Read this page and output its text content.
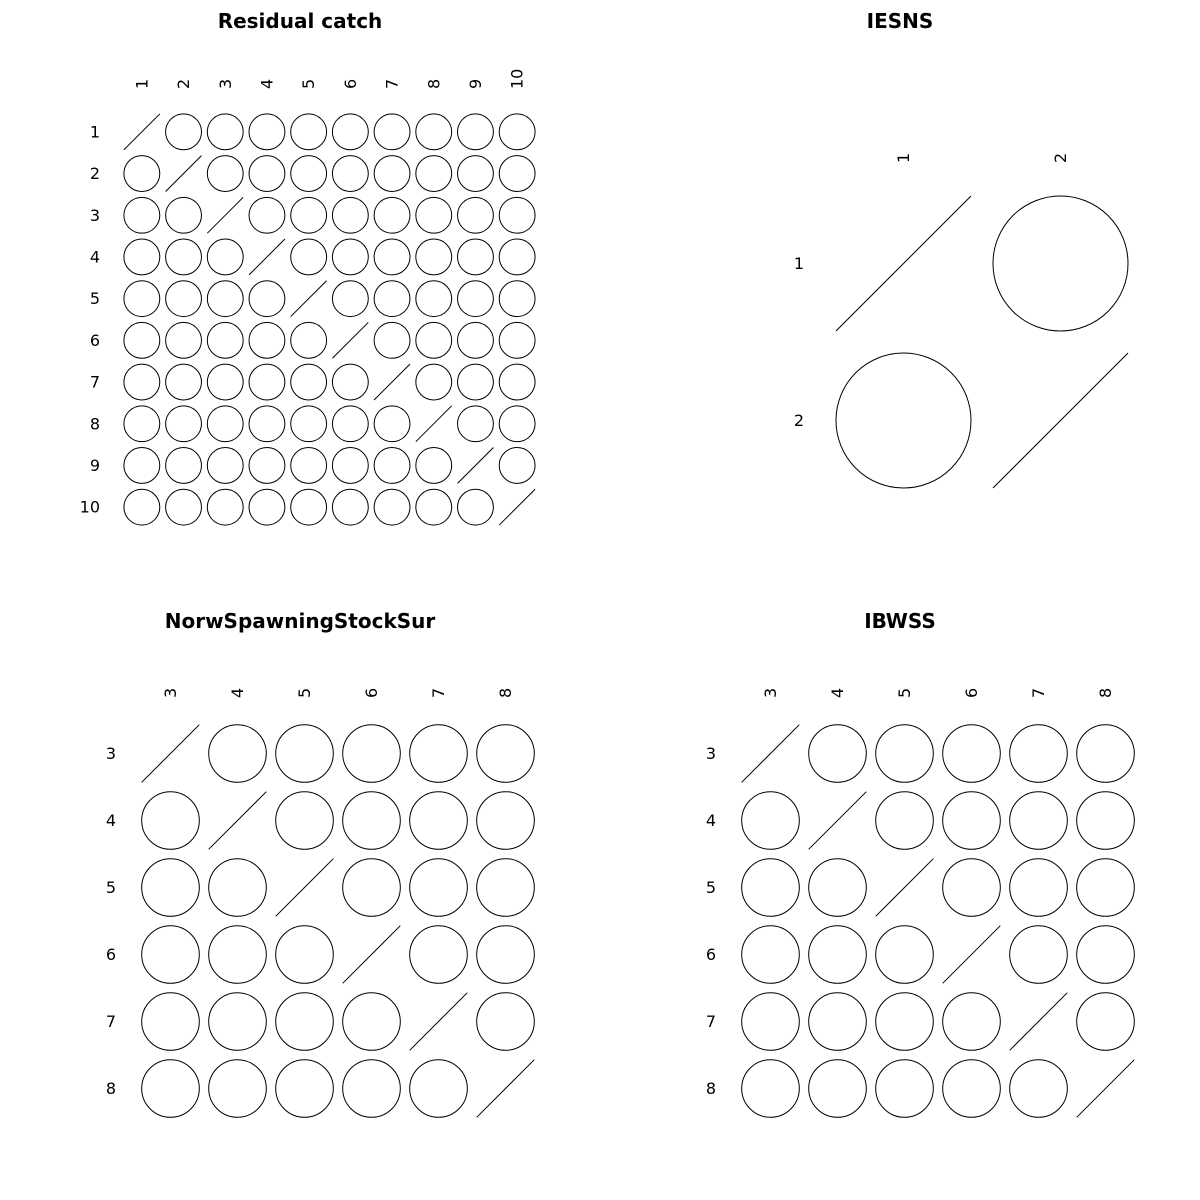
Residual catch
1
1
2
2
3
3
4
4
5
5
6
6
7
7
8
8
9
9
10
10
IESNS
1
1
2
2
NorwSpawningStockSur
3
3
4
4
5
5
6
6
7
7
8
8
IBWSS
3
3
4
4
5
5
6
6
7
7
8
8
